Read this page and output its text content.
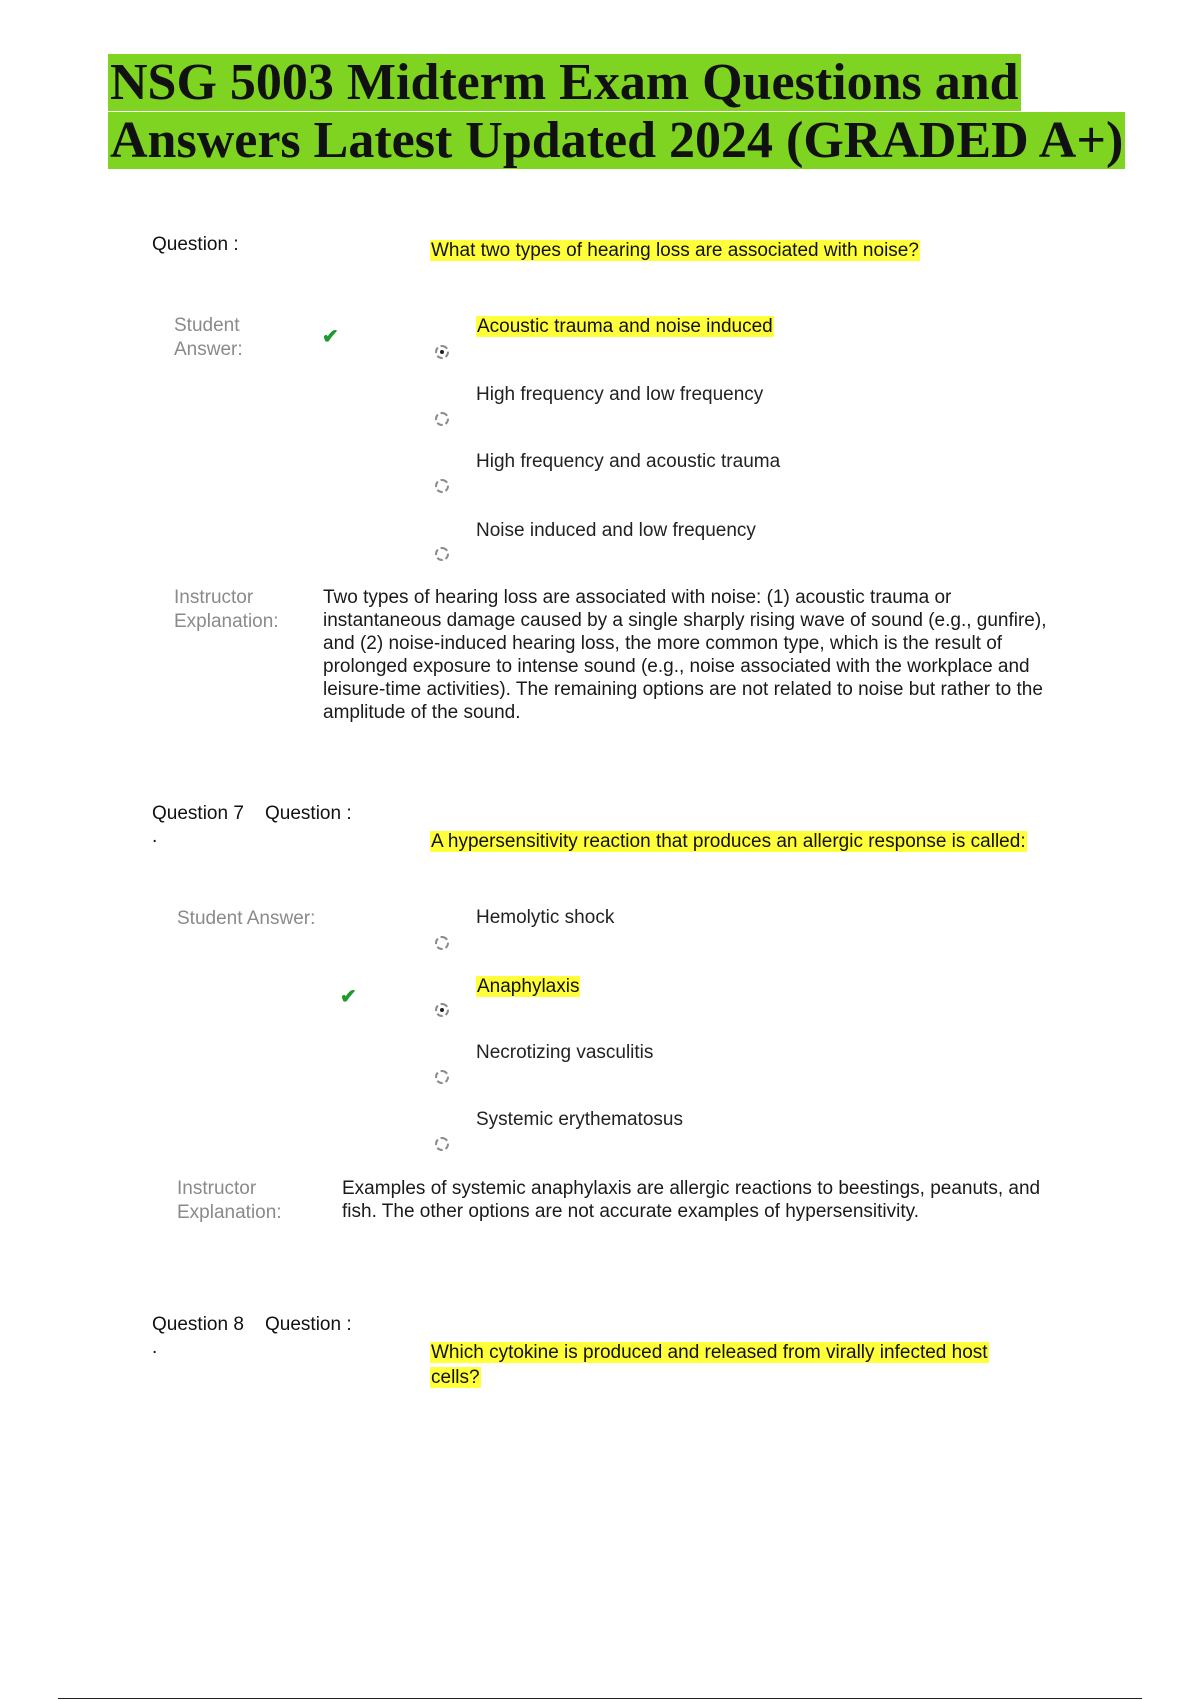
NSG 5003 Midterm Exam Questions and Answers Latest Updated 2024 (GRADED A+)
Question :	What two types of hearing loss are associated with noise?
Student Answer:
✔	Acoustic trauma and noise induced
High frequency and low frequency
High frequency and acoustic trauma
Noise induced and low frequency
Instructor Explanation:
Two types of hearing loss are associated with noise: (1) acoustic trauma or instantaneous damage caused by a single sharply rising wave of sound (e.g., gunfire), and (2) noise-induced hearing loss, the more common type, which is the result of prolonged exposure to intense sound (e.g., noise associated with the workplace and leisure-time activities). The remaining options are not related to noise but rather to the amplitude of the sound.
Question 7 Question :
.	A hypersensitivity reaction that produces an allergic response is called:
Student Answer:	Hemolytic shock
✔	Anaphylaxis
Necrotizing vasculitis
Systemic erythematosus
Instructor Explanation:
Examples of systemic anaphylaxis are allergic reactions to beestings, peanuts, and fish. The other options are not accurate examples of hypersensitivity.
Question 8 Question :
.	Which cytokine is produced and released from virally infected host cells?
